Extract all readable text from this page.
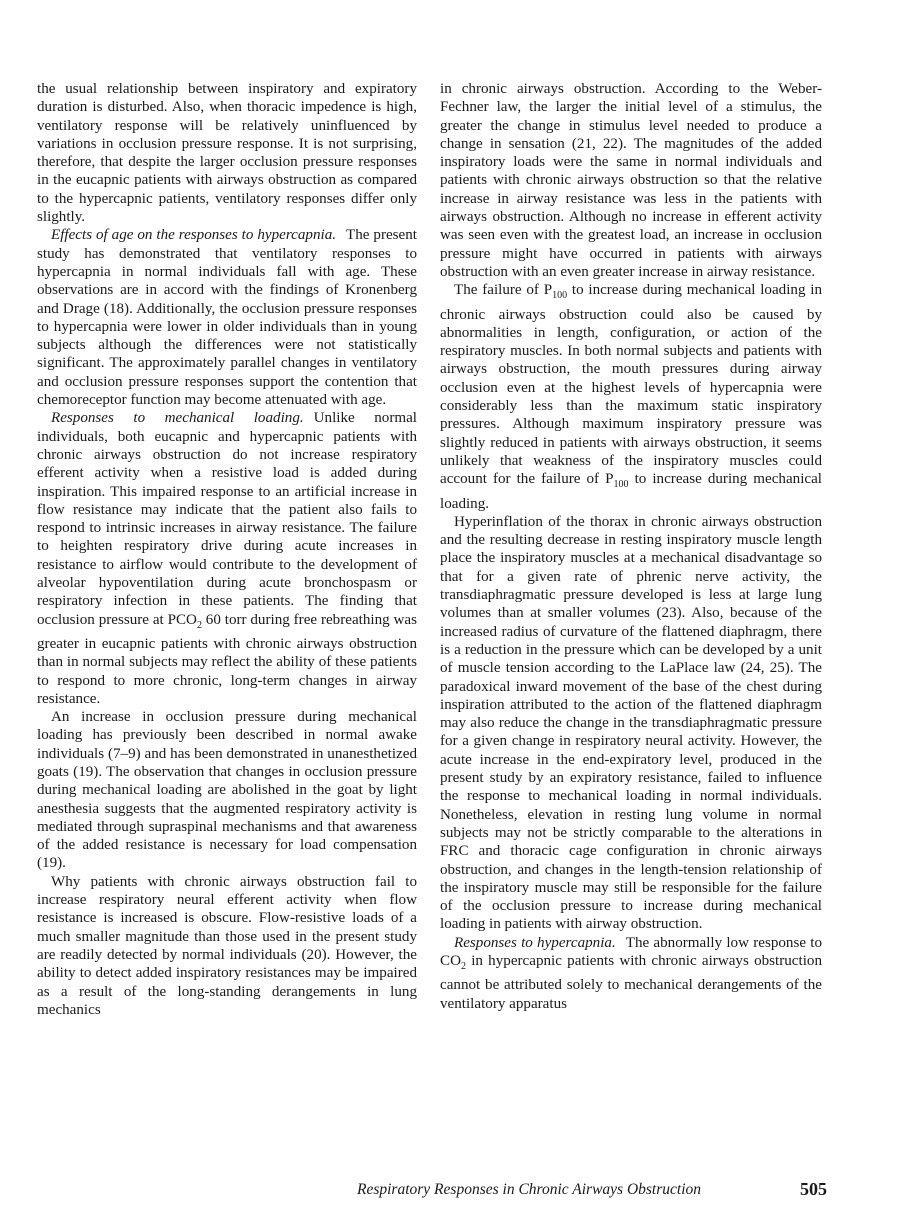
the usual relationship between inspiratory and expiratory duration is disturbed. Also, when thoracic impedence is high, ventilatory response will be relatively uninfluenced by variations in occlusion pressure response. It is not surprising, therefore, that despite the larger occlusion pressure responses in the eucapnic patients with airways obstruction as compared to the hypercapnic patients, ventilatory responses differ only slightly.

Effects of age on the responses to hypercapnia. The present study has demonstrated that ventilatory responses to hypercapnia in normal individuals fall with age. These observations are in accord with the findings of Kronenberg and Drage (18). Additionally, the occlusion pressure responses to hypercapnia were lower in older individuals than in young subjects although the differences were not statistically significant. The approximately parallel changes in ventilatory and occlusion pressure responses support the contention that chemoreceptor function may become attenuated with age.

Responses to mechanical loading. Unlike normal individuals, both eucapnic and hypercapnic patients with chronic airways obstruction do not increase respiratory efferent activity when a resistive load is added during inspiration. This impaired response to an artificial increase in flow resistance may indicate that the patient also fails to respond to intrinsic increases in airway resistance. The failure to heighten respiratory drive during acute increases in resistance to airflow would contribute to the development of alveolar hypoventilation during acute bronchospasm or respiratory infection in these patients. The finding that occlusion pressure at $PCO_2$ 60 torr during free rebreathing was greater in eucapnic patients with chronic airways obstruction than in normal subjects may reflect the ability of these patients to respond to more chronic, long-term changes in airway resistance.

An increase in occlusion pressure during mechanical loading has previously been described in normal awake individuals (7–9) and has been demonstrated in unanesthetized goats (19). The observation that changes in occlusion pressure during mechanical loading are abolished in the goat by light anesthesia suggests that the augmented respiratory activity is mediated through supraspinal mechanisms and that awareness of the added resistance is necessary for load compensation (19).

Why patients with chronic airways obstruction fail to increase respiratory neural efferent activity when flow resistance is increased is obscure. Flow-resistive loads of a much smaller magnitude than those used in the present study are readily detected by normal individuals (20). However, the ability to detect added inspiratory resistances may be impaired as a result of the long-standing derangements in lung mechanics

in chronic airways obstruction. According to the Weber-Fechner law, the larger the initial level of a stimulus, the greater the change in stimulus level needed to produce a change in sensation (21, 22). The magnitudes of the added inspiratory loads were the same in normal individuals and patients with chronic airways obstruction so that the relative increase in airway resistance was less in the patients with airways obstruction. Although no increase in efferent activity was seen even with the greatest load, an increase in occlusion pressure might have occurred in patients with airways obstruction with an even greater increase in airway resistance.

The failure of $P_{100}$ to increase during mechanical loading in chronic airways obstruction could also be caused by abnormalities in length, configuration, or action of the respiratory muscles. In both normal subjects and patients with airways obstruction, the mouth pressures during airway occlusion even at the highest levels of hypercapnia were considerably less than the maximum static inspiratory pressures. Although maximum inspiratory pressure was slightly reduced in patients with airways obstruction, it seems unlikely that weakness of the inspiratory muscles could account for the failure of $P_{100}$ to increase during mechanical loading.

Hyperinflation of the thorax in chronic airways obstruction and the resulting decrease in resting inspiratory muscle length place the inspiratory muscles at a mechanical disadvantage so that for a given rate of phrenic nerve activity, the transdiaphragmatic pressure developed is less at large lung volumes than at smaller volumes (23). Also, because of the increased radius of curvature of the flattened diaphragm, there is a reduction in the pressure which can be developed by a unit of muscle tension according to the LaPlace law (24, 25). The paradoxical inward movement of the base of the chest during inspiration attributed to the action of the flattened diaphragm may also reduce the change in the transdiaphragmatic pressure for a given change in respiratory neural activity. However, the acute increase in the end-expiratory level, produced in the present study by an expiratory resistance, failed to influence the response to mechanical loading in normal individuals. Nonetheless, elevation in resting lung volume in normal subjects may not be strictly comparable to the alterations in FRC and thoracic cage configuration in chronic airways obstruction, and changes in the length-tension relationship of the inspiratory muscle may still be responsible for the failure of the occlusion pressure to increase during mechanical loading in patients with airway obstruction.

Responses to hypercapnia. The abnormally low response to $CO_2$ in hypercapnic patients with chronic airways obstruction cannot be attributed solely to mechanical derangements of the ventilatory apparatus

Respiratory Responses in Chronic Airways Obstruction	505
